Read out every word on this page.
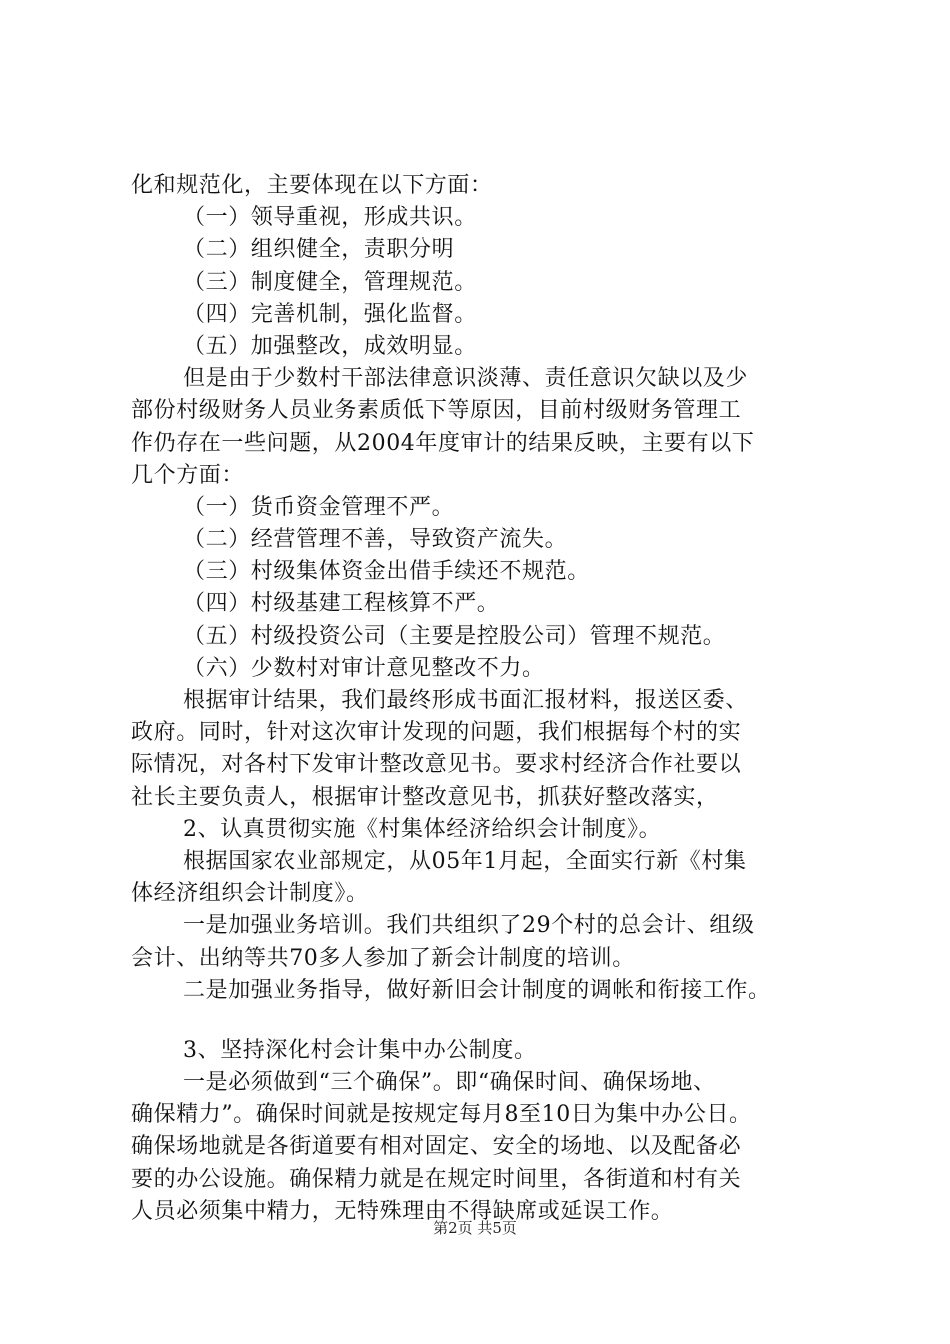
化和规范化，主要体现在以下方面：
（一）领导重视，形成共识。
（二）组织健全，责职分明
（三）制度健全，管理规范。
（四）完善机制，强化监督。
（五）加强整改，成效明显。
但是由于少数村干部法律意识淡薄、责任意识欠缺以及少
部份村级财务人员业务素质低下等原因，目前村级财务管理工
作仍存在一些问题，从2004年度审计的结果反映，主要有以下
几个方面：
（一）货币资金管理不严。
（二）经营管理不善，导致资产流失。
（三）村级集体资金出借手续还不规范。
（四）村级基建工程核算不严。
（五）村级投资公司（主要是控股公司）管理不规范。
（六）少数村对审计意见整改不力。
根据审计结果，我们最终形成书面汇报材料，报送区委、
政府。同时，针对这次审计发现的问题，我们根据每个村的实
际情况，对各村下发审计整改意见书。要求村经济合作社要以
社长主要负责人，根据审计整改意见书，抓获好整改落实，
2、认真贯彻实施《村集体经济给织会计制度》。
根据国家农业部规定，从05年1月起，全面实行新《村集
体经济组织会计制度》。
一是加强业务培训。我们共组织了29个村的总会计、组级
会计、出纳等共70多人参加了新会计制度的培训。
二是加强业务指导，做好新旧会计制度的调帐和衔接工作。
3、坚持深化村会计集中办公制度。
一是必须做到“三个确保”。即“确保时间、确保场地、
确保精力”。确保时间就是按规定每月8至10日为集中办公日。
确保场地就是各街道要有相对固定、安全的场地、以及配备必
要的办公设施。确保精力就是在规定时间里，各街道和村有关
人员必须集中精力，无特殊理由不得缺席或延误工作。
第2页 共5页
